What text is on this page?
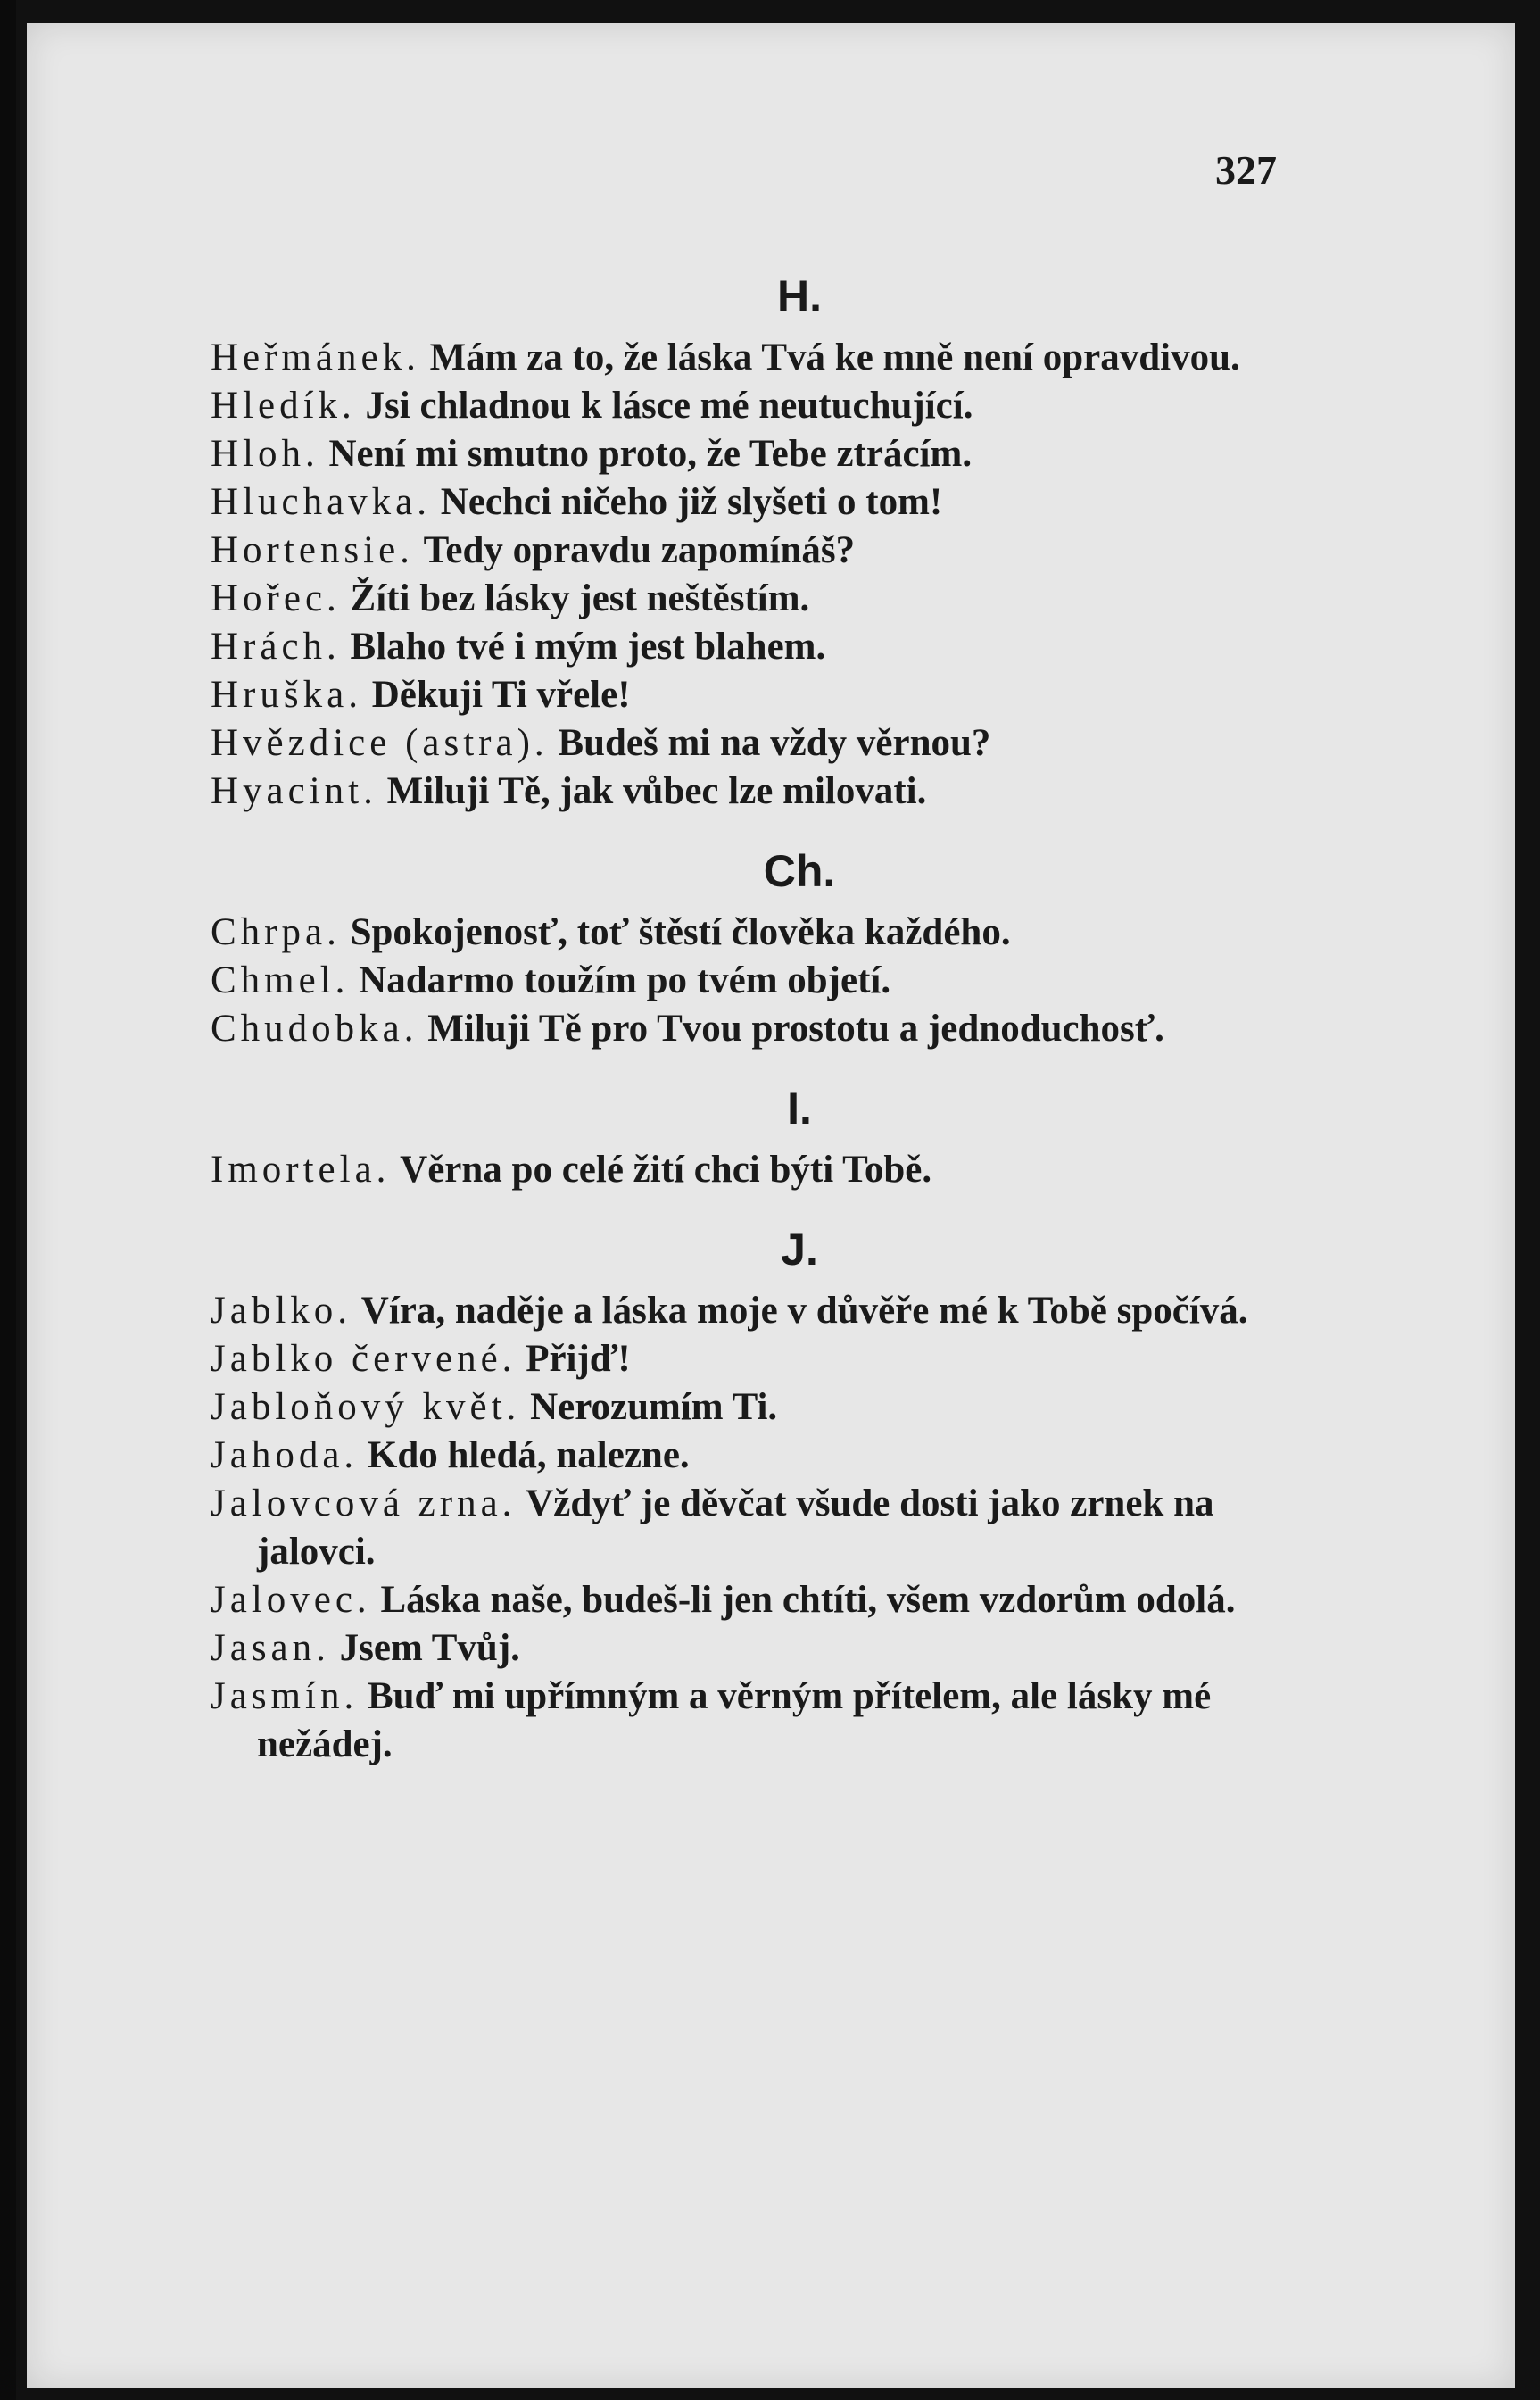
327
H.

Heřmánek. Mám za to, že láska Tvá ke mně není opravdivou.

Hledík. Jsi chladnou k lásce mé neutuchující.

Hloh. Není mi smutno proto, že Tebe ztrácím.

Hluchavka. Nechci ničeho již slyšeti o tom!

Hortensie. Tedy opravdu zapomínáš?

Hořec. Žíti bez lásky jest neštěstím.

Hrách. Blaho tvé i mým jest blahem.

Hruška. Děkuji Ti vřele!

Hvězdice (astra). Budeš mi na vždy věrnou?

Hyacint. Miluji Tě, jak vůbec lze milovati.

Ch.

Chrpa. Spokojenosť, toť štěstí člověka každého.

Chmel. Nadarmo toužím po tvém objetí.

Chudobka. Miluji Tě pro Tvou prostotu a jednoduchosť.

I.

Imortela. Věrna po celé žití chci býti Tobě.

J.

Jablko. Víra, naděje a láska moje v důvěře mé k Tobě spočívá.

Jablko červené. Přijď!

Jabloňový květ. Nerozumím Ti.

Jahoda. Kdo hledá, nalezne.

Jalovcová zrna. Vždyť je děvčat všude dosti jako zrnek na jalovci.

Jalovec. Láska naše, budeš-li jen chtíti, všem vzdorům odolá.

Jasan. Jsem Tvůj.

Jasmín. Buď mi upřímným a věrným přítelem, ale lásky mé nežádej.
